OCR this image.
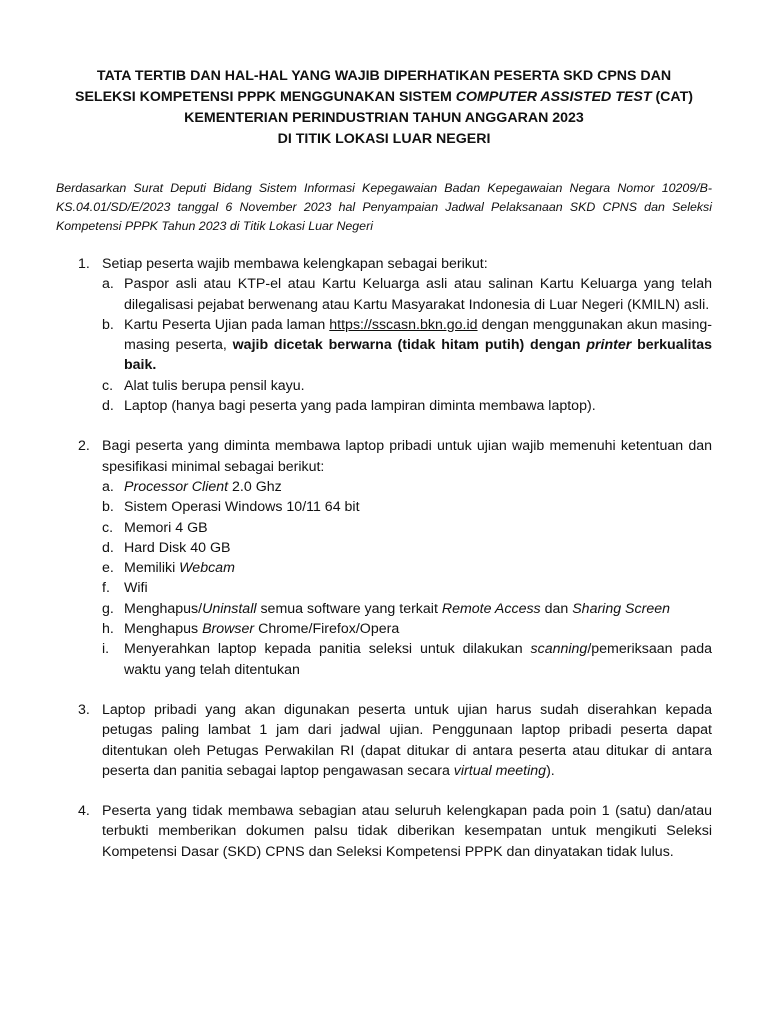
TATA TERTIB DAN HAL-HAL YANG WAJIB DIPERHATIKAN PESERTA SKD CPNS DAN
SELEKSI KOMPETENSI PPPK MENGGUNAKAN SISTEM COMPUTER ASSISTED TEST (CAT)
KEMENTERIAN PERINDUSTRIAN TAHUN ANGGARAN 2023
DI TITIK LOKASI LUAR NEGERI

Berdasarkan Surat Deputi Bidang Sistem Informasi Kepegawaian Badan Kepegawaian Negara Nomor 10209/B-KS.04.01/SD/E/2023 tanggal 6 November 2023 hal Penyampaian Jadwal Pelaksanaan SKD CPNS dan Seleksi Kompetensi PPPK Tahun 2023 di Titik Lokasi Luar Negeri

1. Setiap peserta wajib membawa kelengkapan sebagai berikut:
a. Paspor asli atau KTP-el atau Kartu Keluarga asli atau salinan Kartu Keluarga yang telah dilegalisasi pejabat berwenang atau Kartu Masyarakat Indonesia di Luar Negeri (KMILN) asli.
b. Kartu Peserta Ujian pada laman https://sscasn.bkn.go.id dengan menggunakan akun masing-masing peserta, wajib dicetak berwarna (tidak hitam putih) dengan printer berkualitas baik.
c. Alat tulis berupa pensil kayu.
d. Laptop (hanya bagi peserta yang pada lampiran diminta membawa laptop).
2. Bagi peserta yang diminta membawa laptop pribadi untuk ujian wajib memenuhi ketentuan dan spesifikasi minimal sebagai berikut:
a. Processor Client 2.0 Ghz
b. Sistem Operasi Windows 10/11 64 bit
c. Memori 4 GB
d. Hard Disk 40 GB
e. Memiliki Webcam
f. Wifi
g. Menghapus/Uninstall semua software yang terkait Remote Access dan Sharing Screen
h. Menghapus Browser Chrome/Firefox/Opera
i. Menyerahkan laptop kepada panitia seleksi untuk dilakukan scanning/pemeriksaan pada waktu yang telah ditentukan
3. Laptop pribadi yang akan digunakan peserta untuk ujian harus sudah diserahkan kepada petugas paling lambat 1 jam dari jadwal ujian. Penggunaan laptop pribadi peserta dapat ditentukan oleh Petugas Perwakilan RI (dapat ditukar di antara peserta atau ditukar di antara peserta dan panitia sebagai laptop pengawasan secara virtual meeting).
4. Peserta yang tidak membawa sebagian atau seluruh kelengkapan pada poin 1 (satu) dan/atau terbukti memberikan dokumen palsu tidak diberikan kesempatan untuk mengikuti Seleksi Kompetensi Dasar (SKD) CPNS dan Seleksi Kompetensi PPPK dan dinyatakan tidak lulus.
